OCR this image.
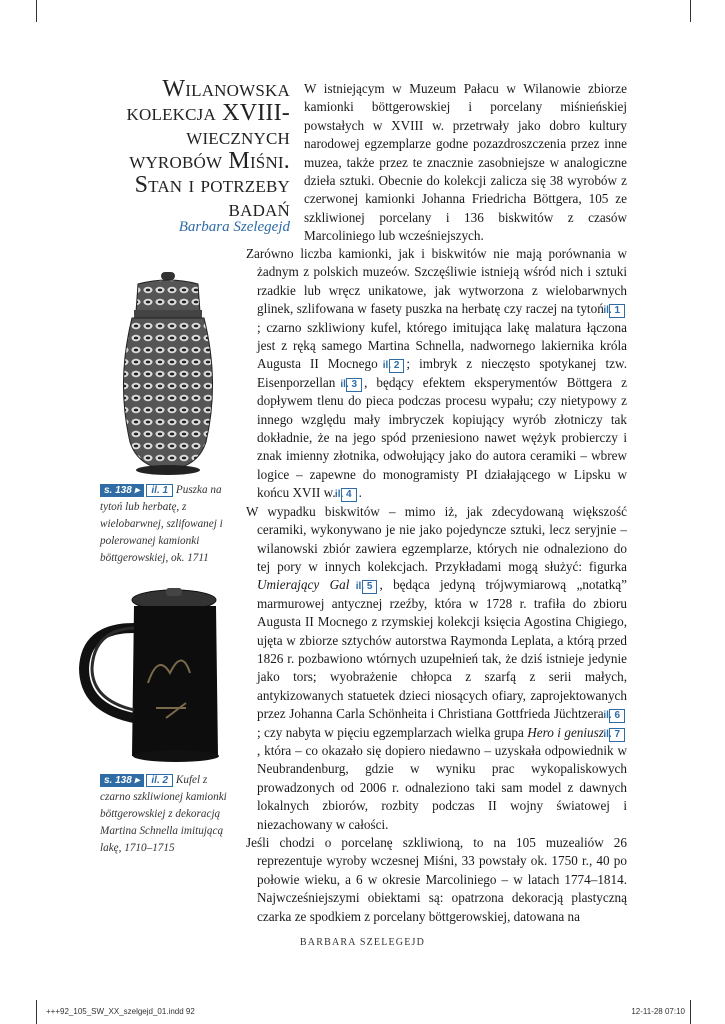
Wilanowska kolekcja XVIII-wiecznych wyrobów Miśni. Stan i potrzeby badań
Barbara Szelegejd
W istniejącym w Muzeum Pałacu w Wilanowie zbiorze kamionki böttgerowskiej i porcelany miśnieńskiej powstałych w XVIII w. przetrwały jako dobro kultury narodowej egzemplarze godne pozazdroszczenia przez inne muzea, także przez te znacznie zasobniejsze w analogiczne dzieła sztuki. Obecnie do kolekcji zalicza się 38 wyrobów z czerwonej kamionki Johanna Friedricha Böttgera, 105 ze szkliwionej porcelany i 136 biskwitów z czasów Marcoliniego lub wcześniejszych.

Zarówno liczba kamionki, jak i biskwitów nie mają porównania w żadnym z polskich muzeów. Szczęśliwie istnieją wśród nich i sztuki rzadkie lub wręcz unikatowe, jak wytworzona z wielobarwnych glinek, szlifowana w fasety puszka na herbatę czy raczej na tytoń il. 1; czarno szkliwiony kufel, którego imitująca lakę malatura łączona jest z ręką samego Martina Schnella, nadwornego lakiernika króla Augusta II Mocnego il. 2 ; imbryk z nieczęsto spotykanej tzw. Eisenporzellan il. 3 , będący efektem eksperymentów Böttgera z dopływem tlenu do pieca podczas procesu wypału; czy nietypowy z innego względu mały imbryczek kopiujący wyrób złotniczy tak dokładnie, że na jego spód przeniesiono nawet wężyk probierczy i znak imienny złotnika, odwołujący jako do autora ceramiki – wbrew logice – zapewne do monogramisty PI działającego w Lipsku w końcu XVII w. il. 4 .

W wypadku biskwitów – mimo iż, jak zdecydowaną większość ceramiki, wykonywano je nie jako pojedyncze sztuki, lecz seryjnie – wilanowski zbiór zawiera egzemplarze, których nie odnaleziono do tej pory w innych kolekcjach. Przykładami mogą służyć: figurka Umierający Gal il. 5 , będąca jedyną trójwymiarową „notatką” marmurowej antycznej rzeźby, która w 1728 r. trafiła do zbioru Augusta II Mocnego z rzymskiej kolekcji księcia Agostina Chigiego, ujęta w zbiorze sztychów autorstwa Raymonda Leplata, a którą przed 1826 r. pozbawiono wtórnych uzupełnień tak, że dziś istnieje jedynie jako tors; wyobrażenie chłopca z szarfą z serii małych, antykizowanych statuetek dzieci niosących ofiary, zaprojektowanych przez Johanna Carla Schönheita i Christiana Gottfrieda Jüchtzera il. 6; czy nabyta w pięciu egzemplarzach wielka grupa Hero i geniusz il. 7, która – co okazało się dopiero niedawno – uzyskała odpowiednik w Neubrandenburg, gdzie w wyniku prac wykopaliskowych prowadzonych od 2006 r. odnaleziono taki sam model z dawnych lokalnych zbiorów, rozbity podczas II wojny światowej i niezachowany w całości.

Jeśli chodzi o porcelanę szkliwioną, to na 105 muzealiów 26 reprezentuje wyroby wczesnej Miśni, 33 powstały ok. 1750 r., 40 po połowie wieku, a 6 w okresie Marcoliniego – w latach 1774–1814. Najwcześniejszymi obiektami są: opatrzona dekoracją plastyczną czarka ze spodkiem z porcelany böttgerowskiej, datowana na

s. 138 ▸ il. 1 Puszka na tytoń lub herbatę, z wielobarwnej, szlifowanej i polerowanej kamionki böttgerowskiej, ok. 1711
s. 138 ▸ il. 2 Kufel z czarno szkliwionej kamionki böttgerowskiej z dekoracją Martina Schnella imitującą lakę, 1710–1715
BARBARA SZELEGEJD
+++92_105_SW_XX_szelgejd_01.indd 92	12-11-28 07:10
